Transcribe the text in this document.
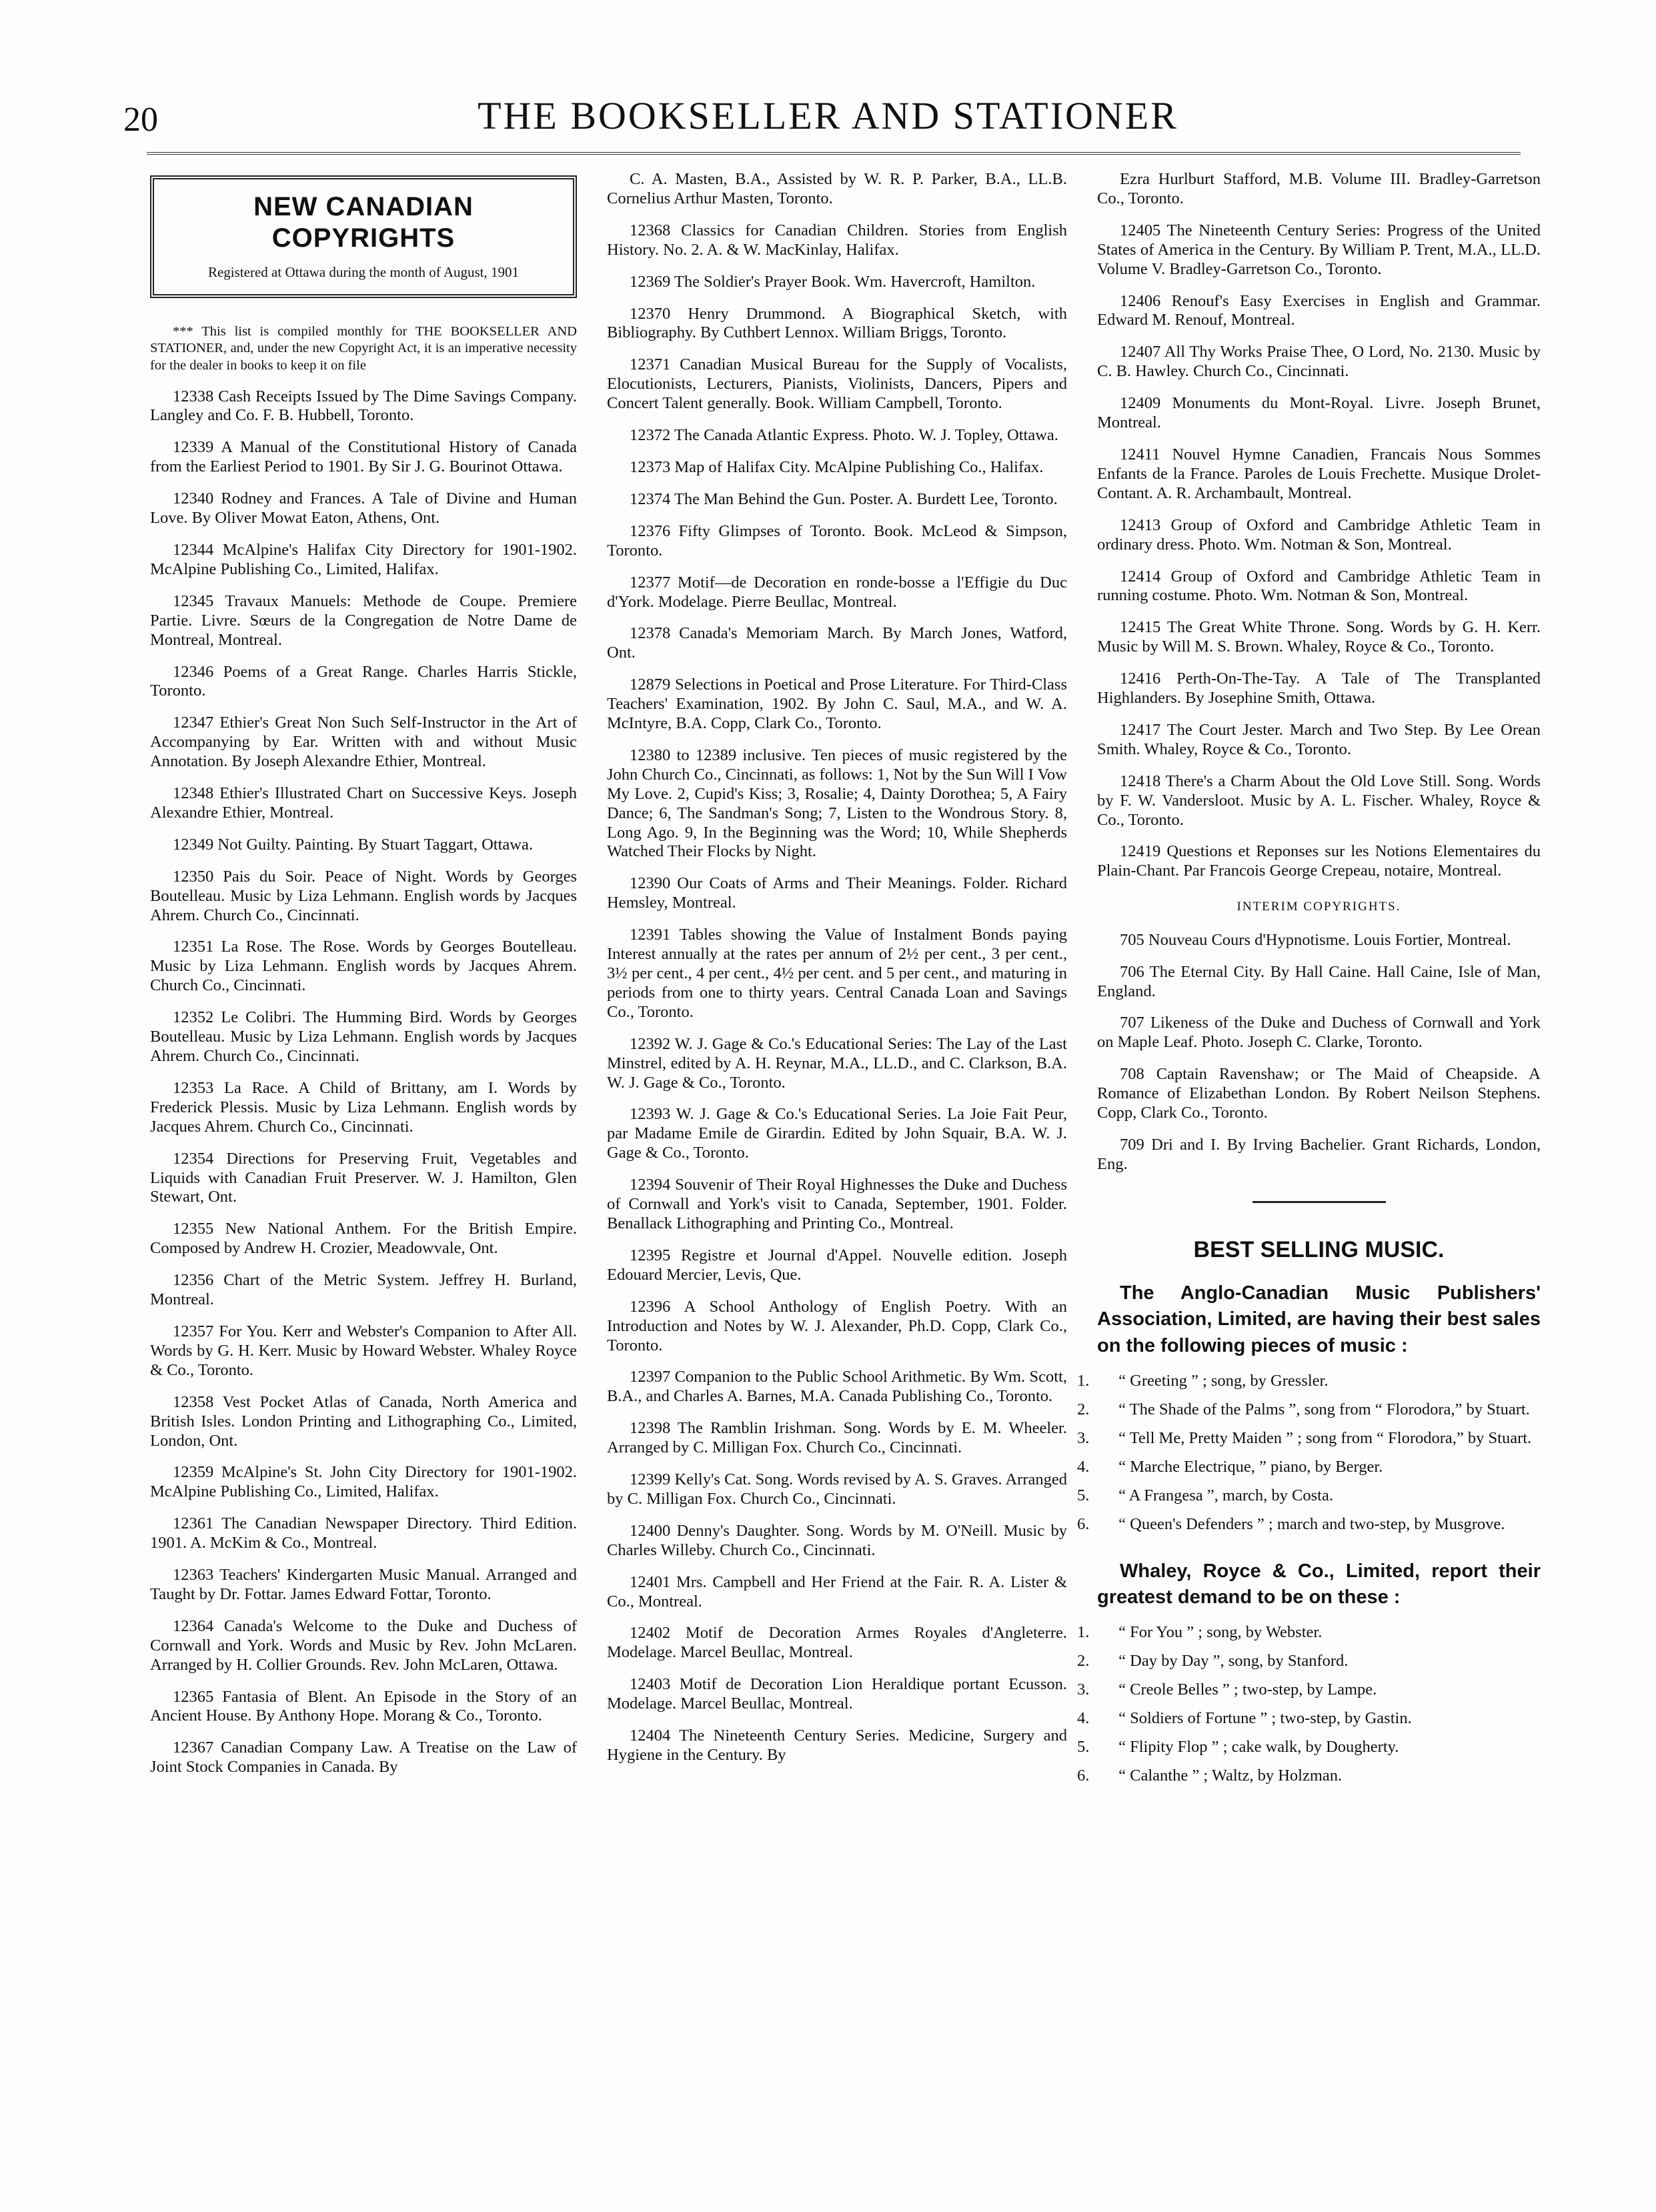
20	THE BOOKSELLER AND STATIONER
NEW CANADIAN COPYRIGHTS
Registered at Ottawa during the month of August, 1901

*** This list is compiled monthly for THE BOOKSELLER AND STATIONER, and, under the new Copyright Act, it is an imperative necessity for the dealer in books to keep it on file

12338 Cash Receipts Issued by The Dime Savings Company. Langley and Co. F. B. Hubbell, Toronto.

12339 A Manual of the Constitutional History of Canada from the Earliest Period to 1901. By Sir J. G. Bourinot Ottawa.

12340 Rodney and Frances. A Tale of Divine and Human Love. By Oliver Mowat Eaton, Athens, Ont.

12344 McAlpine's Halifax City Directory for 1901-1902. McAlpine Publishing Co., Limited, Halifax.

12345 Travaux Manuels: Methode de Coupe. Premiere Partie. Livre. Sœurs de la Congregation de Notre Dame de Montreal, Montreal.

12346 Poems of a Great Range. Charles Harris Stickle, Toronto.

12347 Ethier's Great Non Such Self-Instructor in the Art of Accompanying by Ear. Written with and without Music Annotation. By Joseph Alexandre Ethier, Montreal.

12348 Ethier's Illustrated Chart on Successive Keys. Joseph Alexandre Ethier, Montreal.

12349 Not Guilty. Painting. By Stuart Taggart, Ottawa.

12350 Pais du Soir. Peace of Night. Words by Georges Boutelleau. Music by Liza Lehmann. English words by Jacques Ahrem. Church Co., Cincinnati.

12351 La Rose. The Rose. Words by Georges Boutelleau. Music by Liza Lehmann. English words by Jacques Ahrem. Church Co., Cincinnati.

12352 Le Colibri. The Humming Bird. Words by Georges Boutelleau. Music by Liza Lehmann. English words by Jacques Ahrem. Church Co., Cincinnati.

12353 La Race. A Child of Brittany, am I. Words by Frederick Plessis. Music by Liza Lehmann. English words by Jacques Ahrem. Church Co., Cincinnati.

12354 Directions for Preserving Fruit, Vegetables and Liquids with Canadian Fruit Preserver. W. J. Hamilton, Glen Stewart, Ont.

12355 New National Anthem. For the British Empire. Composed by Andrew H. Crozier, Meadowvale, Ont.

12356 Chart of the Metric System. Jeffrey H. Burland, Montreal.

12357 For You. Kerr and Webster's Companion to After All. Words by G. H. Kerr. Music by Howard Webster. Whaley Royce & Co., Toronto.

12358 Vest Pocket Atlas of Canada, North America and British Isles. London Printing and Lithographing Co., Limited, London, Ont.

12359 McAlpine's St. John City Directory for 1901-1902. McAlpine Publishing Co., Limited, Halifax.

12361 The Canadian Newspaper Directory. Third Edition. 1901. A. McKim & Co., Montreal.

12363 Teachers' Kindergarten Music Manual. Arranged and Taught by Dr. Fottar. James Edward Fottar, Toronto.

12364 Canada's Welcome to the Duke and Duchess of Cornwall and York. Words and Music by Rev. John McLaren. Arranged by H. Collier Grounds. Rev. John McLaren, Ottawa.

12365 Fantasia of Blent. An Episode in the Story of an Ancient House. By Anthony Hope. Morang & Co., Toronto.

12367 Canadian Company Law. A Treatise on the Law of Joint Stock Companies in Canada. By

C. A. Masten, B.A., Assisted by W. R. P. Parker, B.A., LL.B. Cornelius Arthur Masten, Toronto.

12368 Classics for Canadian Children. Stories from English History. No. 2. A. & W. MacKinlay, Halifax.

12369 The Soldier's Prayer Book. Wm. Havercroft, Hamilton.

12370 Henry Drummond. A Biographical Sketch, with Bibliography. By Cuthbert Lennox. William Briggs, Toronto.

12371 Canadian Musical Bureau for the Supply of Vocalists, Elocutionists, Lecturers, Pianists, Violinists, Dancers, Pipers and Concert Talent generally. Book. William Campbell, Toronto.

12372 The Canada Atlantic Express. Photo. W. J. Topley, Ottawa.

12373 Map of Halifax City. McAlpine Publishing Co., Halifax.

12374 The Man Behind the Gun. Poster. A. Burdett Lee, Toronto.

12376 Fifty Glimpses of Toronto. Book. McLeod & Simpson, Toronto.

12377 Motif—de Decoration en ronde-bosse a l'Effigie du Duc d'York. Modelage. Pierre Beullac, Montreal.

12378 Canada's Memoriam March. By March Jones, Watford, Ont.

12879 Selections in Poetical and Prose Literature. For Third-Class Teachers' Examination, 1902. By John C. Saul, M.A., and W. A. McIntyre, B.A. Copp, Clark Co., Toronto.

12380 to 12389 inclusive. Ten pieces of music registered by the John Church Co., Cincinnati, as follows: 1, Not by the Sun Will I Vow My Love. 2, Cupid's Kiss; 3, Rosalie; 4, Dainty Dorothea; 5, A Fairy Dance; 6, The Sandman's Song; 7, Listen to the Wondrous Story. 8, Long Ago. 9, In the Beginning was the Word; 10, While Shepherds Watched Their Flocks by Night.

12390 Our Coats of Arms and Their Meanings. Folder. Richard Hemsley, Montreal.

12391 Tables showing the Value of Instalment Bonds paying Interest annually at the rates per annum of 2½ per cent., 3 per cent., 3½ per cent., 4 per cent., 4½ per cent. and 5 per cent., and maturing in periods from one to thirty years. Central Canada Loan and Savings Co., Toronto.

12392 W. J. Gage & Co.'s Educational Series: The Lay of the Last Minstrel, edited by A. H. Reynar, M.A., LL.D., and C. Clarkson, B.A. W. J. Gage & Co., Toronto.

12393 W. J. Gage & Co.'s Educational Series. La Joie Fait Peur, par Madame Emile de Girardin. Edited by John Squair, B.A. W. J. Gage & Co., Toronto.

12394 Souvenir of Their Royal Highnesses the Duke and Duchess of Cornwall and York's visit to Canada, September, 1901. Folder. Benallack Lithographing and Printing Co., Montreal.

12395 Registre et Journal d'Appel. Nouvelle edition. Joseph Edouard Mercier, Levis, Que.

12396 A School Anthology of English Poetry. With an Introduction and Notes by W. J. Alexander, Ph.D. Copp, Clark Co., Toronto.

12397 Companion to the Public School Arithmetic. By Wm. Scott, B.A., and Charles A. Barnes, M.A. Canada Publishing Co., Toronto.

12398 The Ramblin Irishman. Song. Words by E. M. Wheeler. Arranged by C. Milligan Fox. Church Co., Cincinnati.

12399 Kelly's Cat. Song. Words revised by A. S. Graves. Arranged by C. Milligan Fox. Church Co., Cincinnati.

12400 Denny's Daughter. Song. Words by M. O'Neill. Music by Charles Willeby. Church Co., Cincinnati.

12401 Mrs. Campbell and Her Friend at the Fair. R. A. Lister & Co., Montreal.

12402 Motif de Decoration Armes Royales d'Angleterre. Modelage. Marcel Beullac, Montreal.

12403 Motif de Decoration Lion Heraldique portant Ecusson. Modelage. Marcel Beullac, Montreal.

12404 The Nineteenth Century Series. Medicine, Surgery and Hygiene in the Century. By

Ezra Hurlburt Stafford, M.B. Volume III. Bradley-Garretson Co., Toronto.

12405 The Nineteenth Century Series: Progress of the United States of America in the Century. By William P. Trent, M.A., LL.D. Volume V. Bradley-Garretson Co., Toronto.

12406 Renouf's Easy Exercises in English and Grammar. Edward M. Renouf, Montreal.

12407 All Thy Works Praise Thee, O Lord, No. 2130. Music by C. B. Hawley. Church Co., Cincinnati.

12409 Monuments du Mont-Royal. Livre. Joseph Brunet, Montreal.

12411 Nouvel Hymne Canadien, Francais Nous Sommes Enfants de la France. Paroles de Louis Frechette. Musique Drolet-Contant. A. R. Archambault, Montreal.

12413 Group of Oxford and Cambridge Athletic Team in ordinary dress. Photo. Wm. Notman & Son, Montreal.

12414 Group of Oxford and Cambridge Athletic Team in running costume. Photo. Wm. Notman & Son, Montreal.

12415 The Great White Throne. Song. Words by G. H. Kerr. Music by Will M. S. Brown. Whaley, Royce & Co., Toronto.

12416 Perth-On-The-Tay. A Tale of The Transplanted Highlanders. By Josephine Smith, Ottawa.

12417 The Court Jester. March and Two Step. By Lee Orean Smith. Whaley, Royce & Co., Toronto.

12418 There's a Charm About the Old Love Still. Song. Words by F. W. Vandersloot. Music by A. L. Fischer. Whaley, Royce & Co., Toronto.

12419 Questions et Reponses sur les Notions Elementaires du Plain-Chant. Par Francois George Crepeau, notaire, Montreal.

INTERIM COPYRIGHTS.

705 Nouveau Cours d'Hypnotisme. Louis Fortier, Montreal.

706 The Eternal City. By Hall Caine. Hall Caine, Isle of Man, England.

707 Likeness of the Duke and Duchess of Cornwall and York on Maple Leaf. Photo. Joseph C. Clarke, Toronto.

708 Captain Ravenshaw; or The Maid of Cheapside. A Romance of Elizabethan London. By Robert Neilson Stephens. Copp, Clark Co., Toronto.

709 Dri and I. By Irving Bachelier. Grant Richards, London, Eng.

BEST SELLING MUSIC.

The Anglo-Canadian Music Publishers' Association, Limited, are having their best sales on the following pieces of music :

1. “ Greeting ” ; song, by Gressler.
2. “ The Shade of the Palms ”, song from “ Florodora,” by Stuart.
3. “ Tell Me, Pretty Maiden ” ; song from “ Florodora,” by Stuart.
4. “ Marche Electrique, ” piano, by Berger.
5. “ A Frangesa ”, march, by Costa.
6. “ Queen's Defenders ” ; march and two-step, by Musgrove.

Whaley, Royce & Co., Limited, report their greatest demand to be on these :

1. “ For You ” ; song, by Webster.
2. “ Day by Day ”, song, by Stanford.
3. “ Creole Belles ” ; two-step, by Lampe.
4. “ Soldiers of Fortune ” ; two-step, by Gastin.
5. “ Flipity Flop ” ; cake walk, by Dougherty.
6. “ Calanthe ” ; Waltz, by Holzman.
